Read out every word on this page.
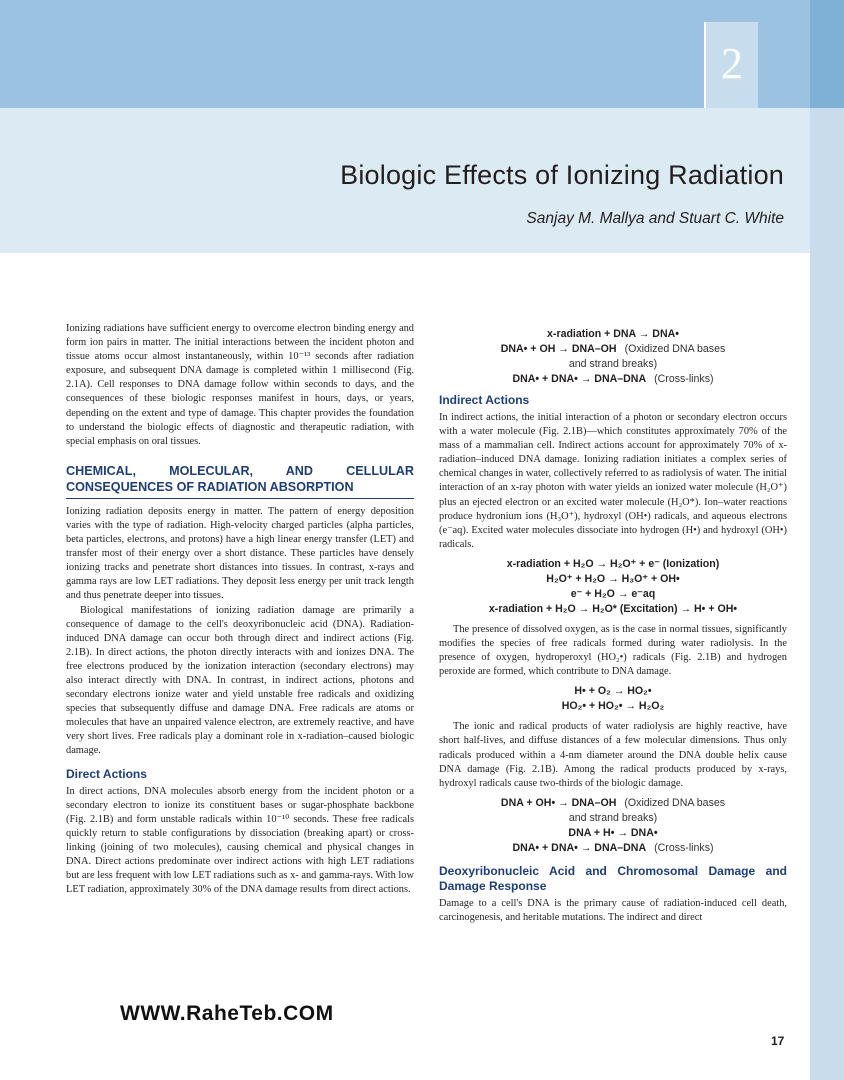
2
Biologic Effects of Ionizing Radiation
Sanjay M. Mallya and Stuart C. White

Ionizing radiations have sufficient energy to overcome electron binding energy and form ion pairs in matter. The initial interactions between the incident photon and tissue atoms occur almost instantaneously, within 10⁻¹³ seconds after radiation exposure, and subsequent DNA damage is completed within 1 millisecond (Fig. 2.1A). Cell responses to DNA damage follow within seconds to days, and the consequences of these biologic responses manifest in hours, days, or years, depending on the extent and type of damage. This chapter provides the foundation to understand the biologic effects of diagnostic and therapeutic radiation, with special emphasis on oral tissues.

CHEMICAL, MOLECULAR, AND CELLULAR CONSEQUENCES OF RADIATION ABSORPTION

Ionizing radiation deposits energy in matter. The pattern of energy deposition varies with the type of radiation. High-velocity charged particles (alpha particles, beta particles, electrons, and protons) have a high linear energy transfer (LET) and transfer most of their energy over a short distance. These particles have densely ionizing tracks and penetrate short distances into tissues. In contrast, x-rays and gamma rays are low LET radiations. They deposit less energy per unit track length and thus penetrate deeper into tissues.

Biological manifestations of ionizing radiation damage are primarily a consequence of damage to the cell's deoxyribonucleic acid (DNA). Radiation-induced DNA damage can occur both through direct and indirect actions (Fig. 2.1B). In direct actions, the photon directly interacts with and ionizes DNA. The free electrons produced by the ionization interaction (secondary electrons) may also interact directly with DNA. In contrast, in indirect actions, photons and secondary electrons ionize water and yield unstable free radicals and oxidizing species that subsequently diffuse and damage DNA. Free radicals are atoms or molecules that have an unpaired valence electron, are extremely reactive, and have very short lives. Free radicals play a dominant role in x-radiation–caused biologic damage.

Direct Actions

In direct actions, DNA molecules absorb energy from the incident photon or a secondary electron to ionize its constituent bases or sugar-phosphate backbone (Fig. 2.1B) and form unstable radicals within 10⁻¹⁰ seconds. These free radicals quickly return to stable configurations by dissociation (breaking apart) or cross-linking (joining of two molecules), causing chemical and physical changes in DNA. Direct actions predominate over indirect actions with high LET radiations but are less frequent with low LET radiations such as x- and gamma-rays. With low LET radiation, approximately 30% of the DNA damage results from direct actions.

x-radiation + DNA → DNA•
DNA• + OH → DNA–OH (Oxidized DNA bases
and strand breaks)
DNA• + DNA• → DNA–DNA (Cross-links)
Indirect Actions

In indirect actions, the initial interaction of a photon or secondary electron occurs with a water molecule (Fig. 2.1B)—which constitutes approximately 70% of the mass of a mammalian cell. Indirect actions account for approximately 70% of x-radiation–induced DNA damage. Ionizing radiation initiates a complex series of chemical changes in water, collectively referred to as radiolysis of water. The initial interaction of an x-ray photon with water yields an ionized water molecule (H₂O⁺) plus an ejected electron or an excited water molecule (H₂O*). Ion–water reactions produce hydronium ions (H₃O⁺), hydroxyl (OH•) radicals, and aqueous electrons (e⁻aq). Excited water molecules dissociate into hydrogen (H•) and hydroxyl (OH•) radicals.

x-radiation + H₂O → H₂O⁺ + e⁻ (Ionization)
H₂O⁺ + H₂O → H₃O⁺ + OH•
e⁻ + H₂O → e⁻aq
x-radiation + H₂O → H₂O* (Excitation) → H• + OH•

The presence of dissolved oxygen, as is the case in normal tissues, significantly modifies the species of free radicals formed during water radiolysis. In the presence of oxygen, hydroperoxyl (HO₂•) radicals (Fig. 2.1B) and hydrogen peroxide are formed, which contribute to DNA damage.

H• + O₂ → HO₂•
HO₂• + HO₂• → H₂O₂

The ionic and radical products of water radiolysis are highly reactive, have short half-lives, and diffuse distances of a few molecular dimensions. Thus only radicals produced within a 4-nm diameter around the DNA double helix cause DNA damage (Fig. 2.1B). Among the radical products produced by x-rays, hydroxyl radicals cause two-thirds of the biologic damage.

DNA + OH• → DNA–OH (Oxidized DNA bases
and strand breaks)
DNA + H• → DNA•
DNA• + DNA• → DNA–DNA (Cross-links)
Deoxyribonucleic Acid and Chromosomal Damage and Damage Response

Damage to a cell's DNA is the primary cause of radiation-induced cell death, carcinogenesis, and heritable mutations. The indirect and direct

WWW.RaheTeb.COM
17
